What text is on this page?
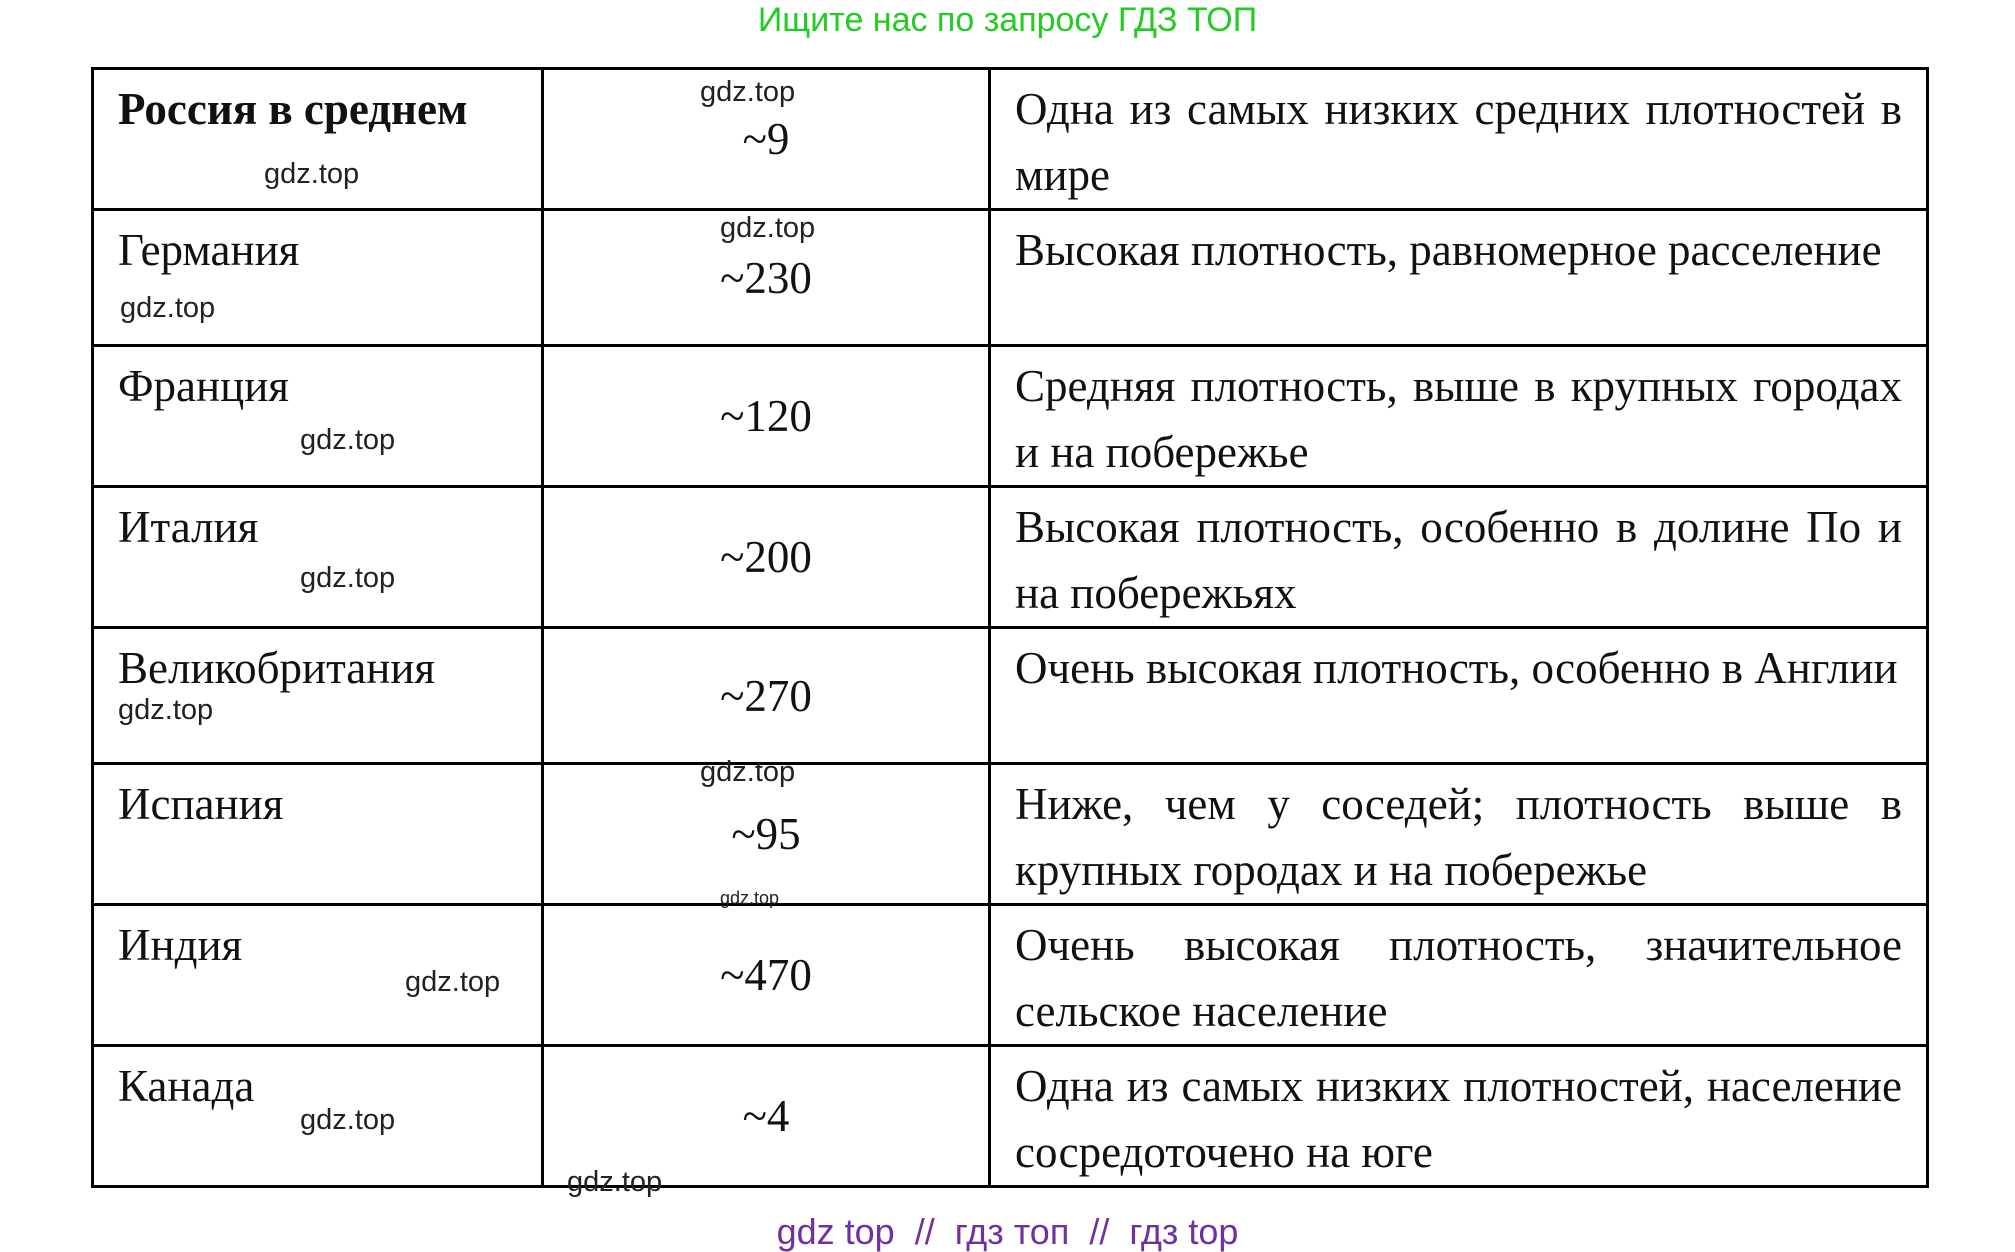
Ищите нас по запросу ГДЗ ТОП
Россия в среднем	~9	Одна из самых низких средних плотностей в мире
Германия	~230	Высокая плотность, равномерное расселение
Франция	~120	Средняя плотность, выше в крупных городах и на побережье
Италия	~200	Высокая плотность, особенно в долине По и на побережьях
Великобритания	~270	Очень высокая плотность, особенно в Англии
Испания	~95	Ниже, чем у соседей; плотность выше в крупных городах и на побережье
Индия	~470	Очень высокая плотность, значительное сельское население
Канада	~4	Одна из самых низких плотностей, население сосредоточено на юге
gdz.top
gdz.top
gdz.top
gdz.top
gdz.top
gdz.top
gdz.top
gdz.top
gdz.top
gdz.top
gdz.top
gdz.top
gdz top  //  гдз топ  //  гдз top
